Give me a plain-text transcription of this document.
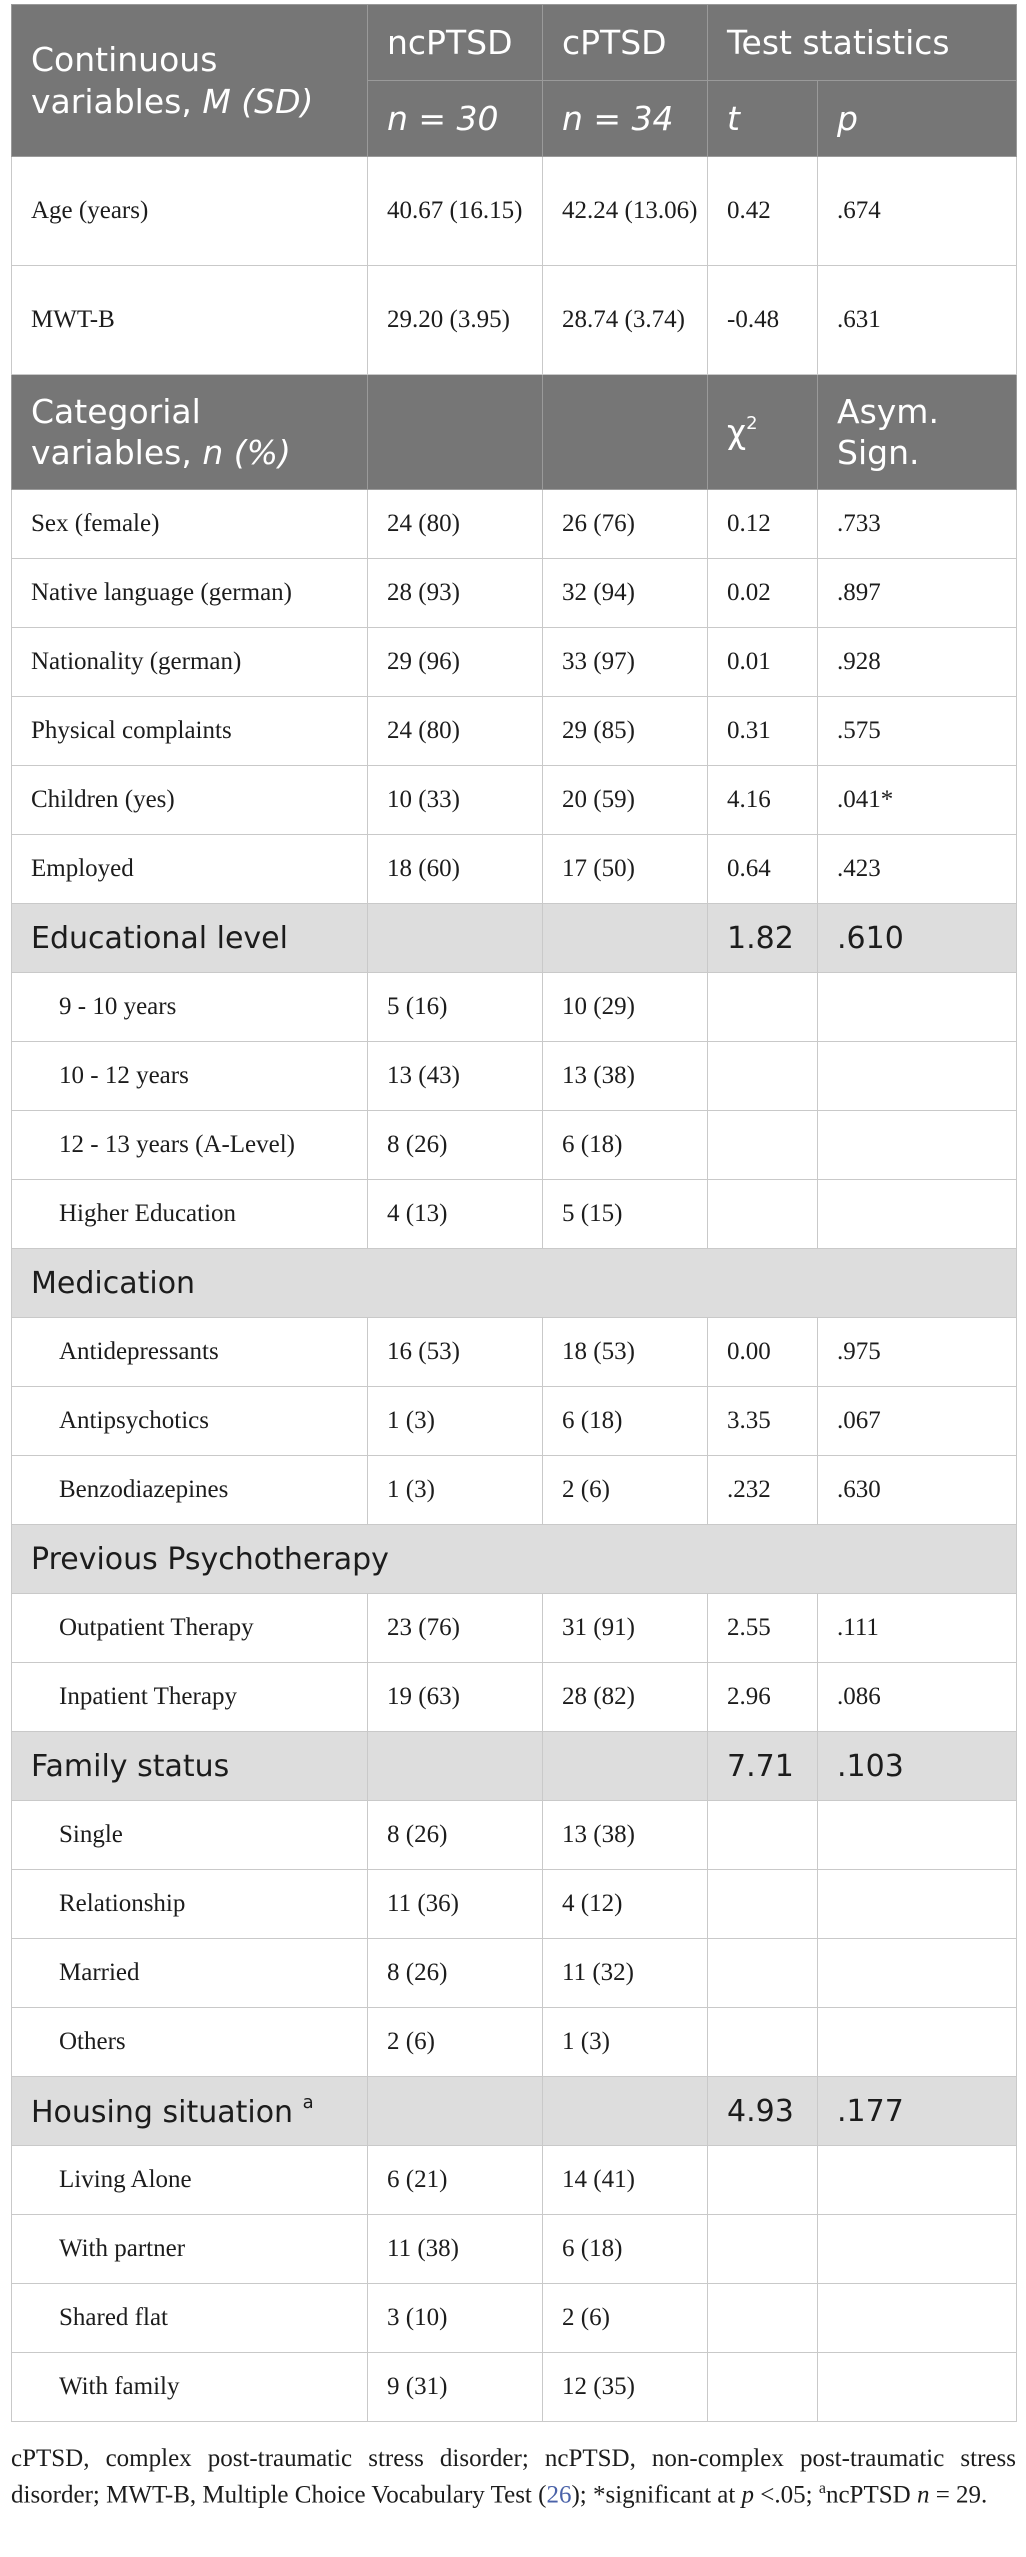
Continuous variables, M (SD)	ncPTSD	cPTSD	Test statistics	
	n = 30	n = 34	t	p
Age (years)	40.67 (16.15)	42.24 (13.06)	0.42	.674
MWT-B	29.20 (3.95)	28.74 (3.74)	-0.48	.631
Categorial variables, n (%)			$\chi^2$	Asym. Sign.
Sex (female)	24 (80)	26 (76)	0.12	.733
Native language (german)	28 (93)	32 (94)	0.02	.897
Nationality (german)	29 (96)	33 (97)	0.01	.928
Physical complaints	24 (80)	29 (85)	0.31	.575
Children (yes)	10 (33)	20 (59)	4.16	.041*
Employed	18 (60)	17 (50)	0.64	.423
Educational level			1.82	.610
9 - 10 years	5 (16)	10 (29)		
10 - 12 years	13 (43)	13 (38)		
12 - 13 years (A-Level)	8 (26)	6 (18)		
Higher Education	4 (13)	5 (15)		
Medication				
Antidepressants	16 (53)	18 (53)	0.00	.975
Antipsychotics	1 (3)	6 (18)	3.35	.067
Benzodiazepines	1 (3)	2 (6)	.232	.630
Previous Psychotherapy				
Outpatient Therapy	23 (76)	31 (91)	2.55	.111
Inpatient Therapy	19 (63)	28 (82)	2.96	.086
Family status			7.71	.103
Single	8 (26)	13 (38)		
Relationship	11 (36)	4 (12)		
Married	8 (26)	11 (32)		
Others	2 (6)	1 (3)		
Housing situation $^a$			4.93	.177
Living Alone	6 (21)	14 (41)		
With partner	11 (38)	6 (18)		
Shared flat	3 (10)	2 (6)		
With family	9 (31)	12 (35)		
cPTSD, complex post-traumatic stress disorder; ncPTSD, non-complex post-traumatic stress disorder; MWT-B, Multiple Choice Vocabulary Test (26); *significant at p <.05; $^a$ncPTSD n = 29.
